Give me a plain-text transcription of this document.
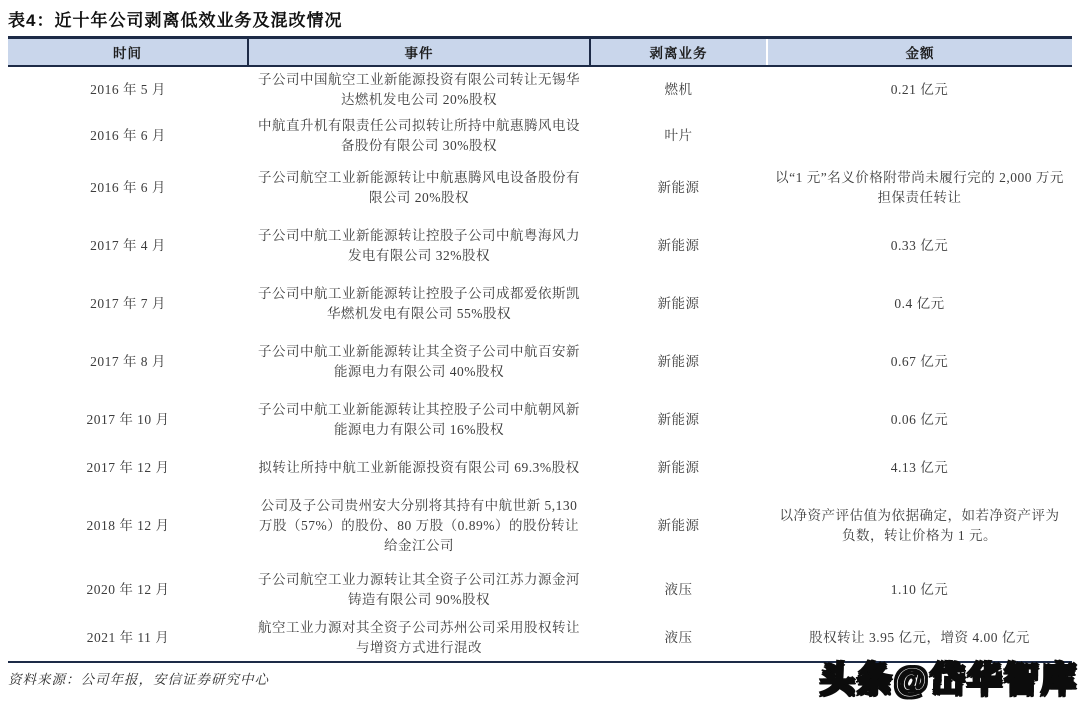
表4：近十年公司剥离低效业务及混改情况
时间	事件	剥离业务	金额
2016 年 5 月	子公司中国航空工业新能源投资有限公司转让无锡华达燃机发电公司 20%股权	燃机	0.21 亿元
2016 年 6 月	中航直升机有限责任公司拟转让所持中航惠腾风电设备股份有限公司 30%股权	叶片	
2016 年 6 月	子公司航空工业新能源转让中航惠腾风电设备股份有限公司 20%股权	新能源	以“1 元”名义价格附带尚未履行完的 2,000 万元担保责任转让
2017 年 4 月	子公司中航工业新能源转让控股子公司中航粤海风力发电有限公司 32%股权	新能源	0.33 亿元
2017 年 7 月	子公司中航工业新能源转让控股子公司成都爱依斯凯华燃机发电有限公司 55%股权	新能源	0.4 亿元
2017 年 8 月	子公司中航工业新能源转让其全资子公司中航百安新能源电力有限公司 40%股权	新能源	0.67 亿元
2017 年 10 月	子公司中航工业新能源转让其控股子公司中航朝风新能源电力有限公司 16%股权	新能源	0.06 亿元
2017 年 12 月	拟转让所持中航工业新能源投资有限公司 69.3%股权	新能源	4.13 亿元
2018 年 12 月	公司及子公司贵州安大分别将其持有中航世新 5,130 万股（57%）的股份、80 万股（0.89%）的股份转让给金江公司	新能源	以净资产评估值为依据确定，如若净资产评为负数，转让价格为 1 元。
2020 年 12 月	子公司航空工业力源转让其全资子公司江苏力源金河铸造有限公司 90%股权	液压	1.10 亿元
2021 年 11 月	航空工业力源对其全资子公司苏州公司采用股权转让与增资方式进行混改	液压	股权转让 3.95 亿元，增资 4.00 亿元
资料来源：公司年报，安信证券研究中心	头条@岱华智库
